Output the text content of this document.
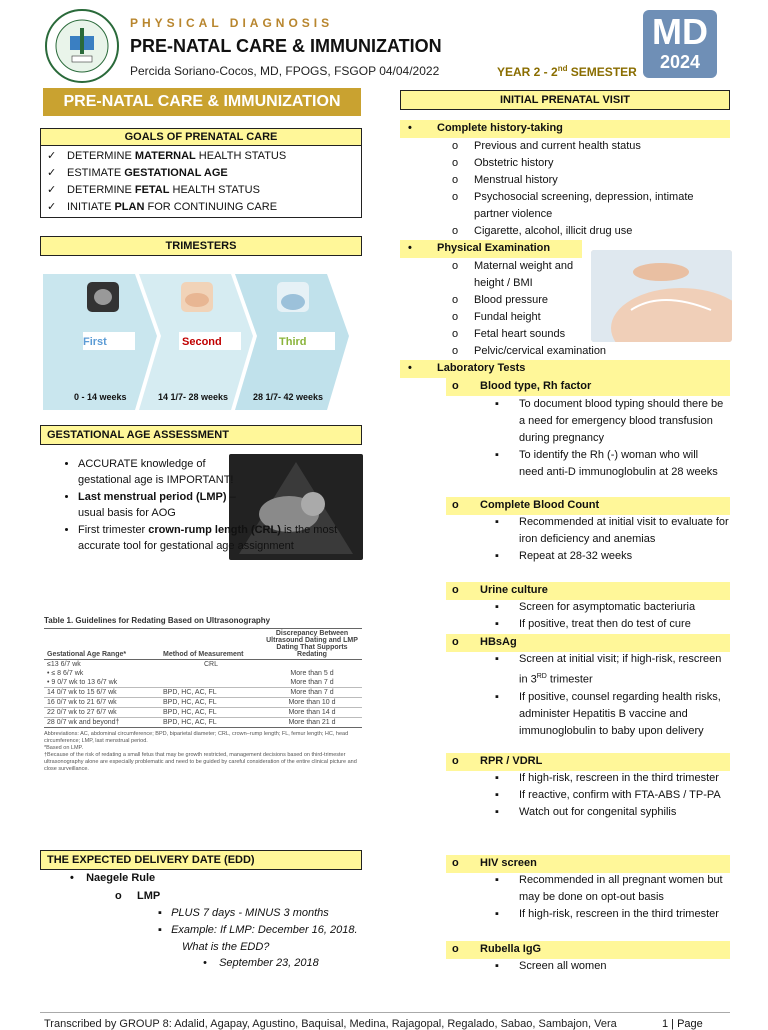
PHYSICAL DIAGNOSIS
PRE-NATAL CARE & IMMUNIZATION
Percida Soriano-Cocos, MD, FPOGS, FSGOP 04/04/2022	YEAR 2 - 2nd SEMESTER
MD
2024
PRE-NATAL CARE & IMMUNIZATION
GOALS OF PRENATAL CARE
✓ DETERMINE MATERNAL HEALTH STATUS
✓ ESTIMATE GESTATIONAL AGE
✓ DETERMINE FETAL HEALTH STATUS
✓ INITIATE PLAN FOR CONTINUING CARE
TRIMESTERS
First	Second	Third
0 - 14 weeks	14 1/7- 28 weeks	28 1/7- 42 weeks
GESTATIONAL AGE ASSESSMENT
• ACCURATE knowledge of gestational age is IMPORTANT!
• Last menstrual period (LMP) – usual basis for AOG
• First trimester crown-rump length (CRL) is the most accurate tool for gestational age assignment
Table 1. Guidelines for Redating Based on Ultrasonography
Gestational Age Range*	Method of Measurement	Discrepancy Between Ultrasound Dating and LMP Dating That Supports Redating
≤13 6/7 wk	CRL	
• ≤ 8 6/7 wk		More than 5 d
• 9 0/7 wk to 13 6/7 wk		More than 7 d
14 0/7 wk to 15 6/7 wk	BPD, HC, AC, FL	More than 7 d
16 0/7 wk to 21 6/7 wk	BPD, HC, AC, FL	More than 10 d
22 0/7 wk to 27 6/7 wk	BPD, HC, AC, FL	More than 14 d
28 0/7 wk and beyond†	BPD, HC, AC, FL	More than 21 d
Abbreviations: AC, abdominal circumference; BPD, biparietal diameter; CRL, crown–rump length; FL, femur length; HC, head circumference; LMP, last menstrual period.
*Based on LMP.
†Because of the risk of redating a small fetus that may be growth restricted, management decisions based on third-trimester ultrasonography alone are especially problematic and need to be guided by careful consideration of the entire clinical picture and close surveillance.
THE EXPECTED DELIVERY DATE (EDD)
•    Naegele Rule
o     LMP
▪   PLUS 7 days - MINUS 3 months
▪   Example: If LMP: December 16, 2018. What is the EDD?
•    September 23, 2018
INITIAL PRENATAL VISIT
• Complete history-taking
o Previous and current health status
o Obstetric history
o Menstrual history
o Psychosocial screening, depression, intimate partner violence
o Cigarette, alcohol, illicit drug use
• Physical Examination
o Maternal weight and height / BMI
o Blood pressure
o Fundal height
o Fetal heart sounds
o Pelvic/cervical examination
• Laboratory Tests
o Blood type, Rh factor
▪ To document blood typing should there be a need for emergency blood transfusion during pregnancy
▪ To identify the Rh (-) woman who will need anti-D immunoglobulin at 28 weeks
o Complete Blood Count
▪ Recommended at initial visit to evaluate for iron deficiency and anemias
▪ Repeat at 28-32 weeks
o Urine culture
▪ Screen for asymptomatic bacteriuria
▪ If positive, treat then do test of cure
o HBsAg
▪ Screen at initial visit; if high-risk, rescreen in 3RD trimester
▪ If positive, counsel regarding health risks, administer Hepatitis B vaccine and immunoglobulin to baby upon delivery
o RPR / VDRL
▪ If high-risk, rescreen in the third trimester
▪ If reactive, confirm with FTA-ABS / TP-PA
▪ Watch out for congenital syphilis
o HIV screen
▪ Recommended in all pregnant women but may be done on opt-out basis
▪ If high-risk, rescreen in the third trimester
o Rubella IgG
▪ Screen all women
Transcribed by GROUP 8: Adalid, Agapay, Agustino, Baquisal, Medina, Rajagopal, Regalado, Sabao, Sambajon, Vera	1 | Page
